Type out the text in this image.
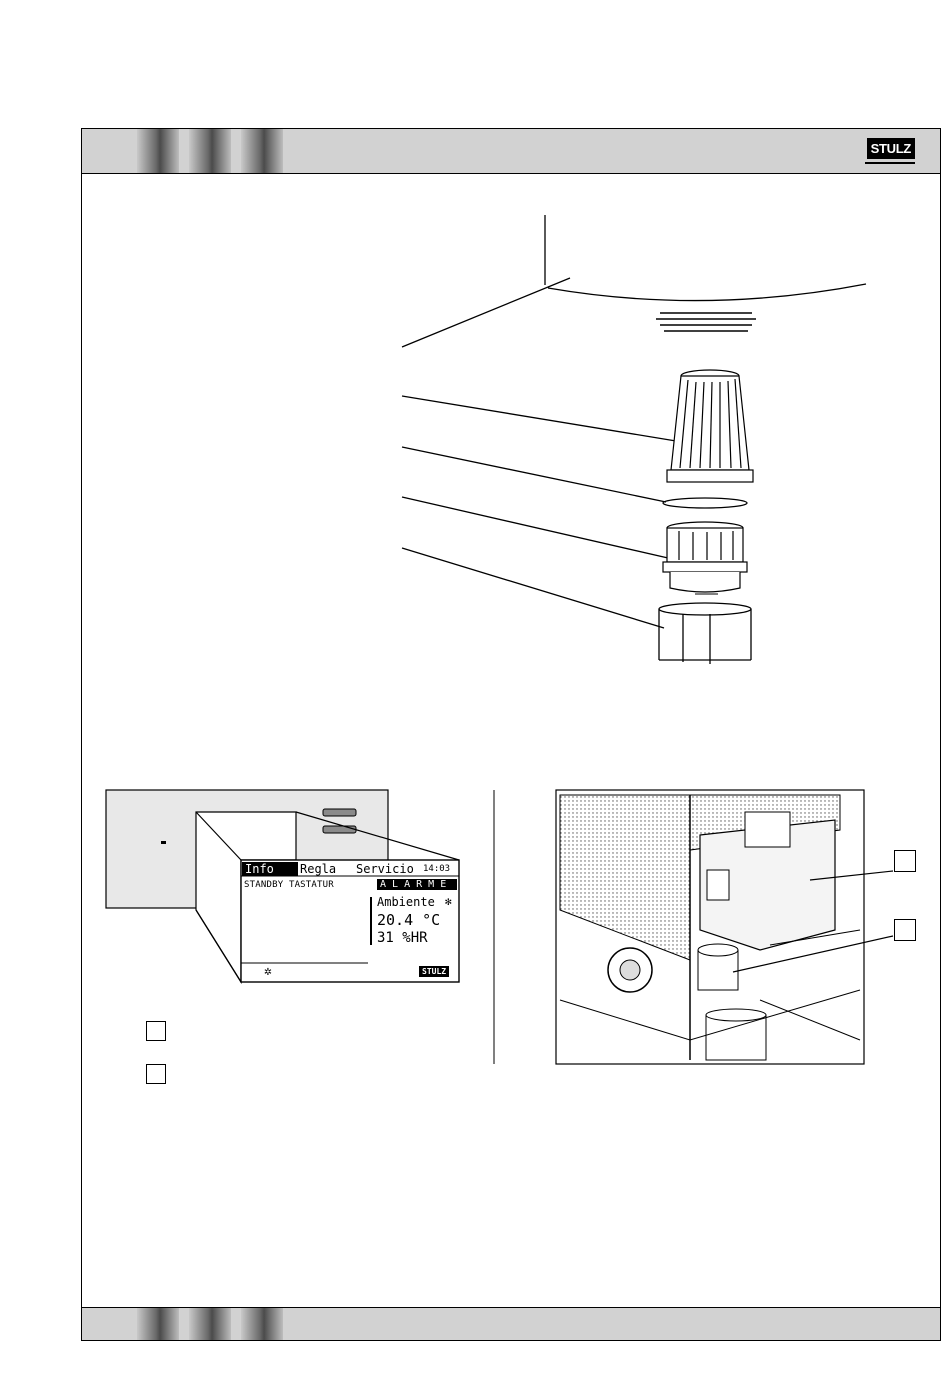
STULZ
Info	Regla Servicio 14:03
STANDBY TASTATUR	A L A R M E
Ambiente ✻
20.4 °C
31 %HR
✲	STULZ
